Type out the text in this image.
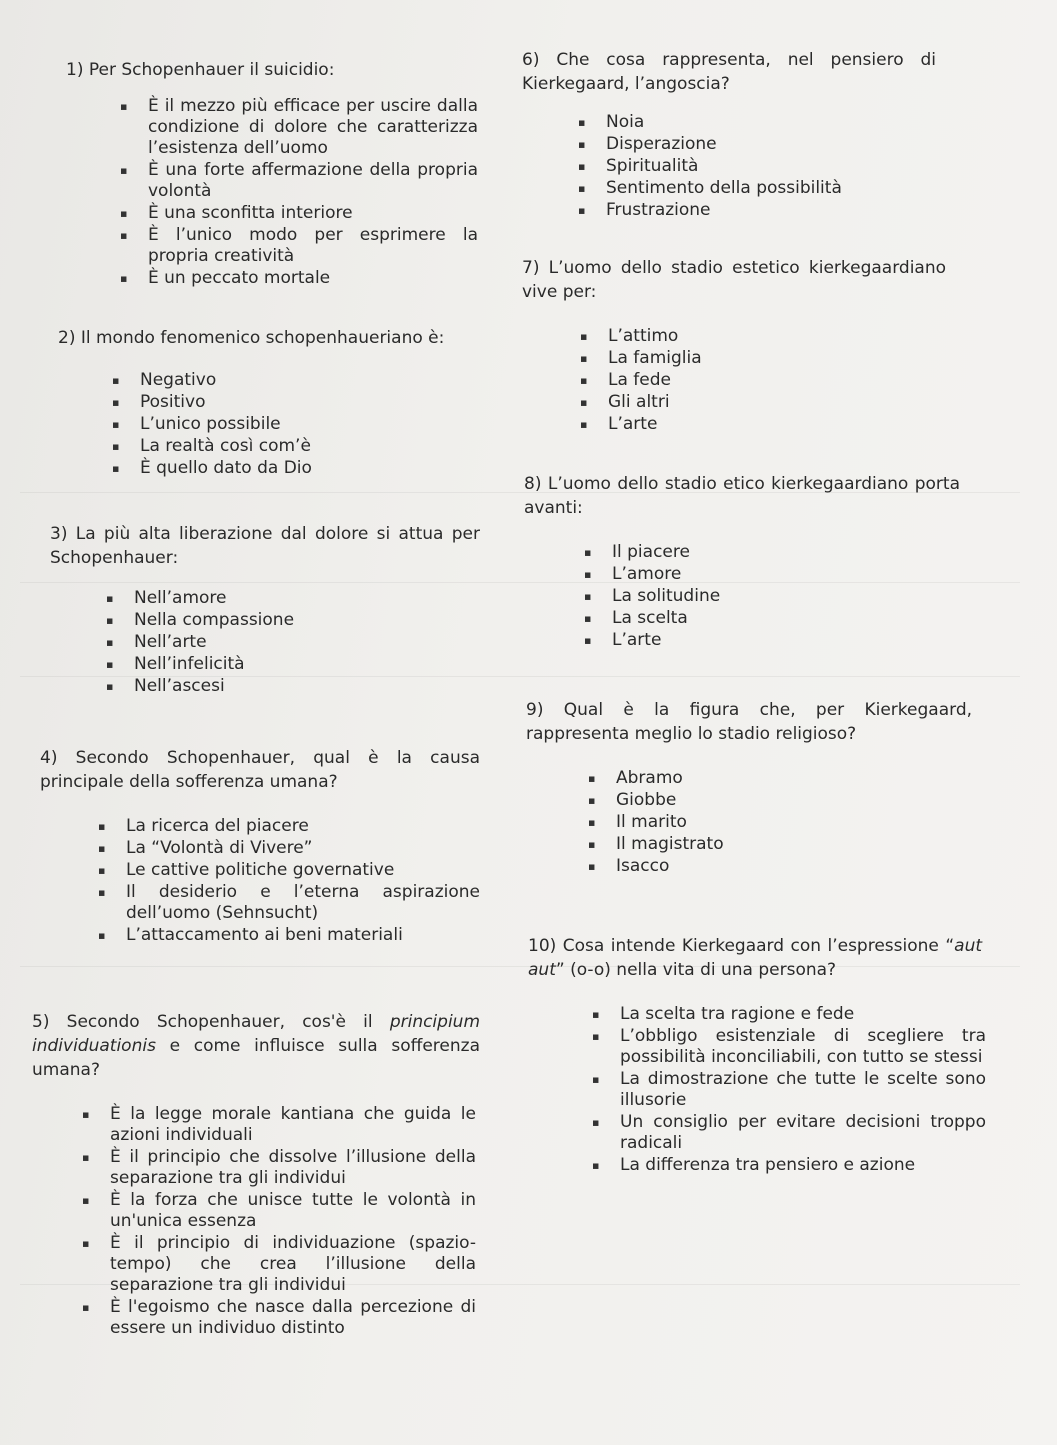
1) Per Schopenhauer il suicidio:

▪ È il mezzo più efficace per uscire dalla condizione di dolore che caratterizza l’esistenza dell’uomo
▪ È una forte affermazione della propria volontà
▪ È una sconfitta interiore
▪ È l’unico modo per esprimere la propria creatività
▪ È un peccato mortale

2) Il mondo fenomenico schopenhaueriano è:

▪ Negativo
▪ Positivo
▪ L’unico possibile
▪ La realtà così com’è
▪ È quello dato da Dio

3) La più alta liberazione dal dolore si attua per Schopenhauer:

▪ Nell’amore
▪ Nella compassione
▪ Nell’arte
▪ Nell’infelicità
▪ Nell’ascesi

4) Secondo Schopenhauer, qual è la causa principale della sofferenza umana?

▪ La ricerca del piacere
▪ La “Volontà di Vivere”
▪ Le cattive politiche governative
▪ Il desiderio e l’eterna aspirazione dell’uomo (Sehnsucht)
▪ L’attaccamento ai beni materiali

5) Secondo Schopenhauer, cos'è il principium individuationis e come influisce sulla sofferenza umana?

▪ È la legge morale kantiana che guida le azioni individuali
▪ È il principio che dissolve l’illusione della separazione tra gli individui
▪ È la forza che unisce tutte le volontà in un'unica essenza
▪ È il principio di individuazione (spazio-tempo) che crea l’illusione della separazione tra gli individui
▪ È l'egoismo che nasce dalla percezione di essere un individuo distinto

6) Che cosa rappresenta, nel pensiero di Kierkegaard, l’angoscia?

▪ Noia
▪ Disperazione
▪ Spiritualità
▪ Sentimento della possibilità
▪ Frustrazione

7) L’uomo dello stadio estetico kierkegaardiano vive per:

▪ L’attimo
▪ La famiglia
▪ La fede
▪ Gli altri
▪ L’arte

8) L’uomo dello stadio etico kierkegaardiano porta avanti:

▪ Il piacere
▪ L’amore
▪ La solitudine
▪ La scelta
▪ L’arte

9) Qual è la figura che, per Kierkegaard, rappresenta meglio lo stadio religioso?

▪ Abramo
▪ Giobbe
▪ Il marito
▪ Il magistrato
▪ Isacco

10) Cosa intende Kierkegaard con l’espressione “aut aut” (o-o) nella vita di una persona?

▪ La scelta tra ragione e fede
▪ L’obbligo esistenziale di scegliere tra possibilità inconciliabili, con tutto se stessi
▪ La dimostrazione che tutte le scelte sono illusorie
▪ Un consiglio per evitare decisioni troppo radicali
▪ La differenza tra pensiero e azione
